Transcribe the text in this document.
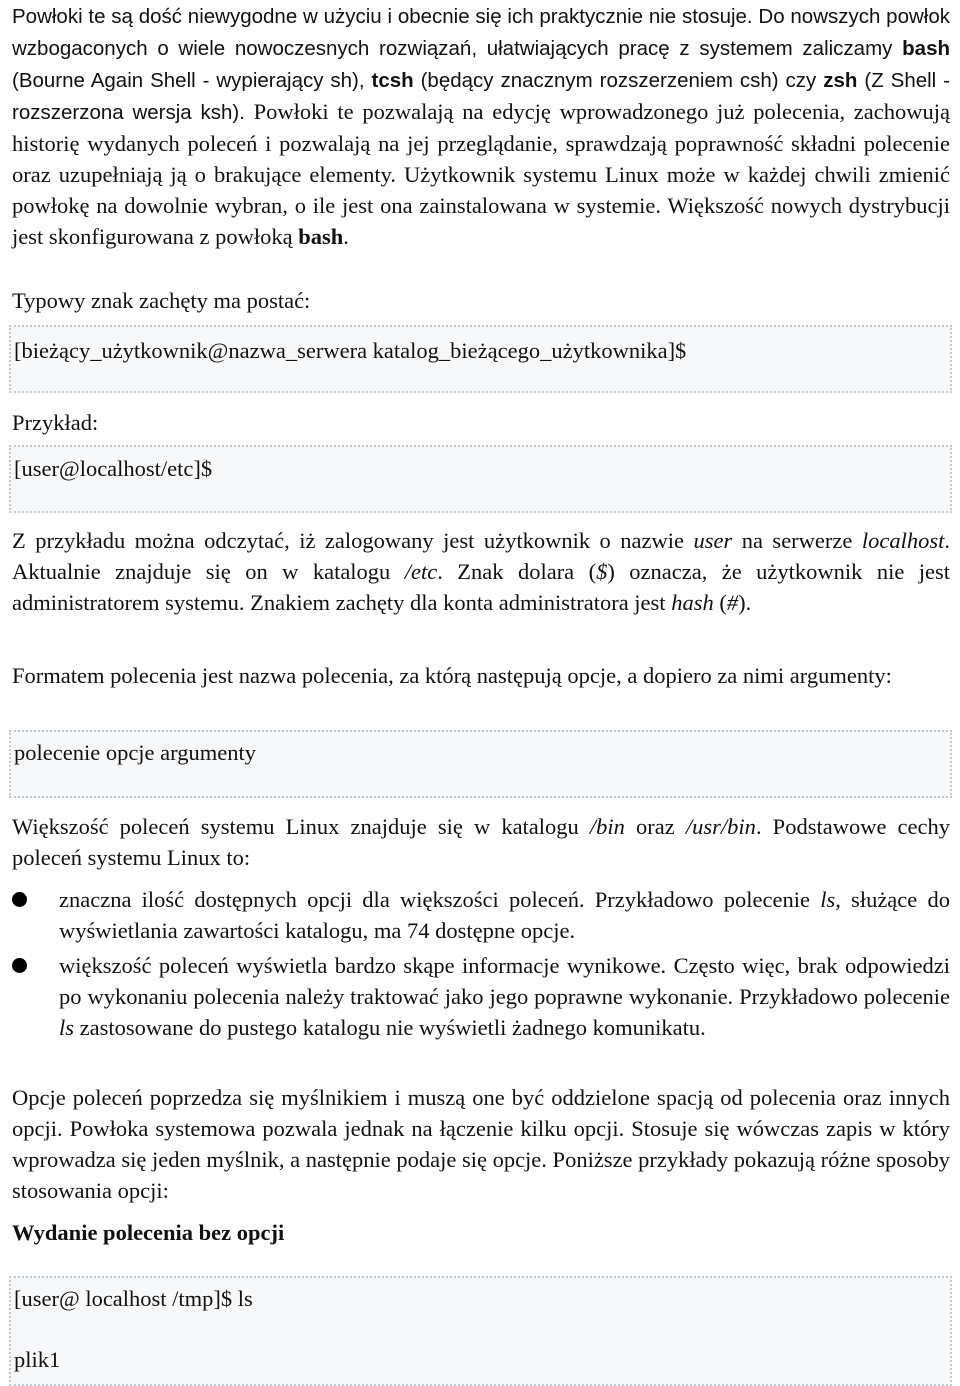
Powłoki te są dość niewygodne w użyciu i obecnie się ich praktycznie nie stosuje. Do nowszych powłok wzbogaconych o wiele nowoczesnych rozwiązań, ułatwiających pracę z systemem zaliczamy bash (Bourne Again Shell - wypierający sh), tcsh (będący znacznym rozszerzeniem csh) czy zsh (Z Shell - rozszerzona wersja ksh). Powłoki te pozwalają na edycję wprowadzonego już polecenia, zachowują historię wydanych poleceń i pozwalają na jej przeglądanie, sprawdzają poprawność składni polecenie oraz uzupełniają ją o brakujące elementy. Użytkownik systemu Linux może w każdej chwili zmienić powłokę na dowolnie wybran, o ile jest ona zainstalowana w systemie. Większość nowych dystrybucji jest skonfigurowana z powłoką bash.

Typowy znak zachęty ma postać:

[bieżący_użytkownik@nazwa_serwera katalog_bieżącego_użytkownika]$

Przykład:

[user@localhost/etc]$

Z przykładu można odczytać, iż zalogowany jest użytkownik o nazwie user na serwerze localhost. Aktualnie znajduje się on w katalogu /etc. Znak dolara ($) oznacza, że użytkownik nie jest administratorem systemu. Znakiem zachęty dla konta administratora jest hash (#).

Formatem polecenia jest nazwa polecenia, za którą następują opcje, a dopiero za nimi argumenty:

polecenie opcje argumenty

Większość poleceń systemu Linux znajduje się w katalogu /bin oraz /usr/bin. Podstawowe cechy poleceń systemu Linux to:

znaczna ilość dostępnych opcji dla większości poleceń. Przykładowo polecenie ls, służące do wyświetlania zawartości katalogu, ma 74 dostępne opcje.

większość poleceń wyświetla bardzo skąpe informacje wynikowe. Często więc, brak odpowiedzi po wykonaniu polecenia należy traktować jako jego poprawne wykonanie. Przykładowo polecenie ls zastosowane do pustego katalogu nie wyświetli żadnego komunikatu.

Opcje poleceń poprzedza się myślnikiem i muszą one być oddzielone spacją od polecenia oraz innych opcji. Powłoka systemowa pozwala jednak na łączenie kilku opcji. Stosuje się wówczas zapis w który wprowadza się jeden myślnik, a następnie podaje się opcje. Poniższe przykłady pokazują różne sposoby stosowania opcji:

Wydanie polecenia bez opcji
[user@ localhost /tmp]$ ls
plik1
